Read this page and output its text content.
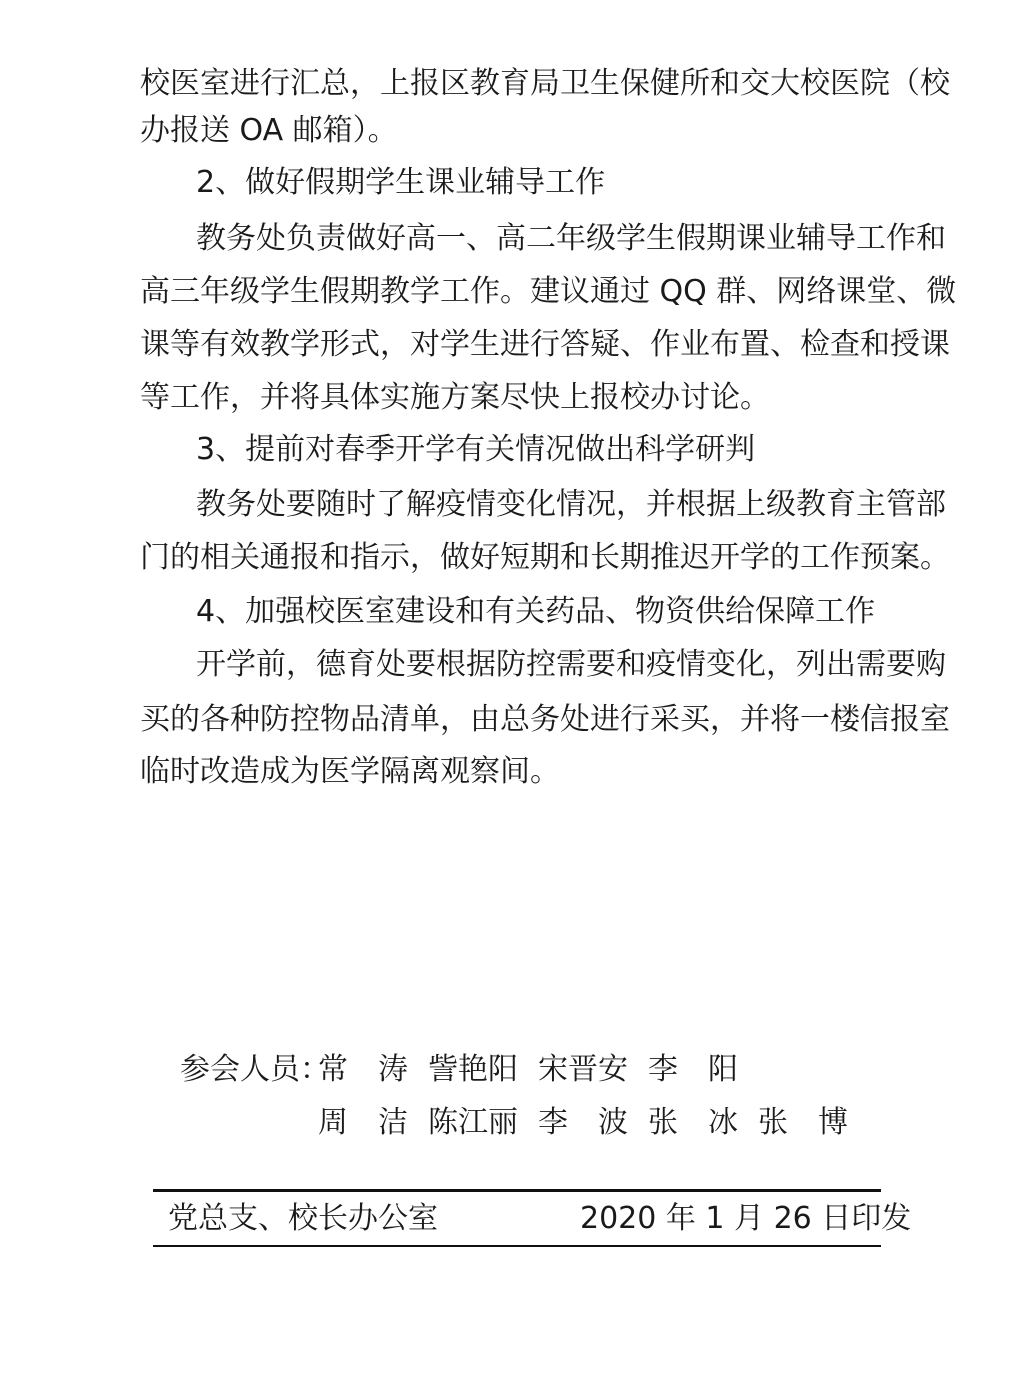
校医室进行汇总，上报区教育局卫生保健所和交大校医院（校
办报送 OA 邮箱）。
2、做好假期学生课业辅导工作
教务处负责做好高一、高二年级学生假期课业辅导工作和
高三年级学生假期教学工作。建议通过 QQ 群、网络课堂、微
课等有效教学形式，对学生进行答疑、作业布置、检查和授课
等工作，并将具体实施方案尽快上报校办讨论。
3、提前对春季开学有关情况做出科学研判
教务处要随时了解疫情变化情况，并根据上级教育主管部
门的相关通报和指示，做好短期和长期推迟开学的工作预案。
4、加强校医室建设和有关药品、物资供给保障工作
开学前，德育处要根据防控需要和疫情变化，列出需要购
买的各种防控物品清单，由总务处进行采买，并将一楼信报室
临时改造成为医学隔离观察间。
参会人员：
常　涛 訾艳阳 宋晋安 李　阳
周　洁 陈江丽 李　波 张　冰 张　博
党总支、校长办公室	2020 年 1 月 26 日印发
